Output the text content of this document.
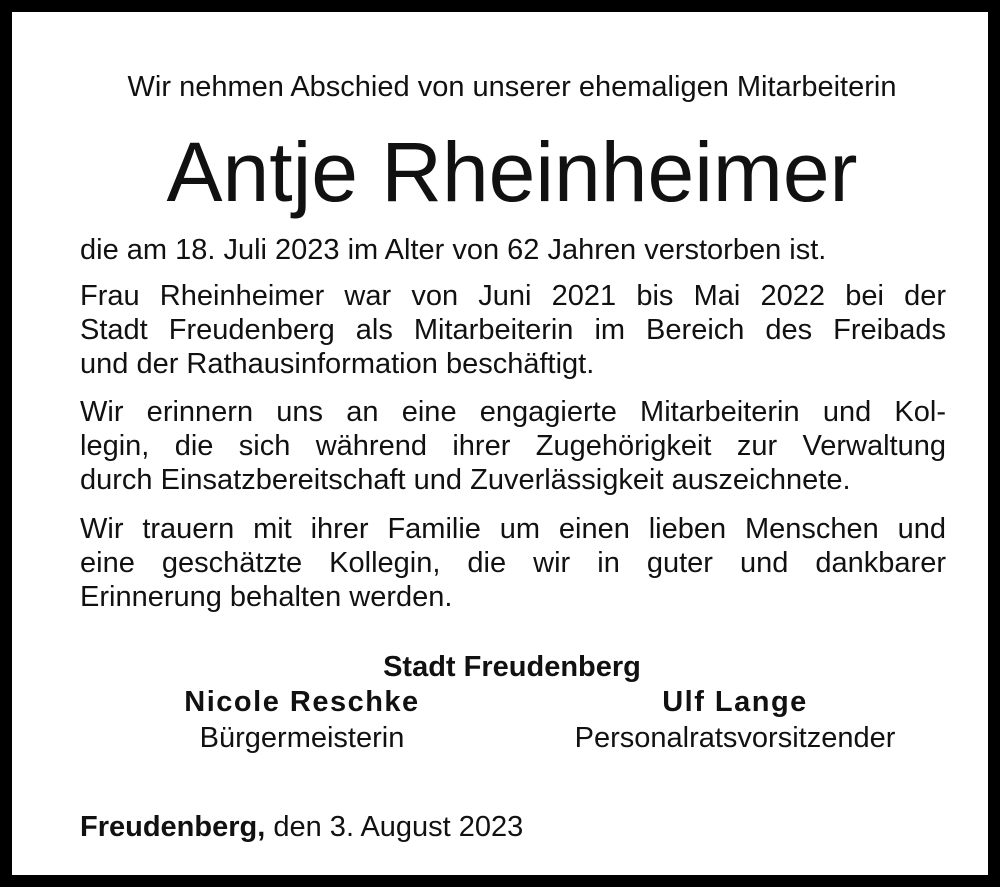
Wir nehmen Abschied von unserer ehemaligen Mitarbeiterin
Antje Rheinheimer
die am 18. Juli 2023 im Alter von 62 Jahren verstorben ist.
Frau Rheinheimer war von Juni 2021 bis Mai 2022 bei der
Stadt Freudenberg als Mitarbeiterin im Bereich des Freibads
und der Rathausinformation beschäftigt.
Wir erinnern uns an eine engagierte Mitarbeiterin und Kol-
legin, die sich während ihrer Zugehörigkeit zur Verwaltung
durch Einsatzbereitschaft und Zuverlässigkeit auszeichnete.
Wir trauern mit ihrer Familie um einen lieben Menschen und
eine geschätzte Kollegin, die wir in guter und dankbarer
Erinnerung behalten werden.
Stadt Freudenberg
Nicole Reschke
Bürgermeisterin
Ulf Lange
Personalratsvorsitzender
Freudenberg, den 3. August 2023
